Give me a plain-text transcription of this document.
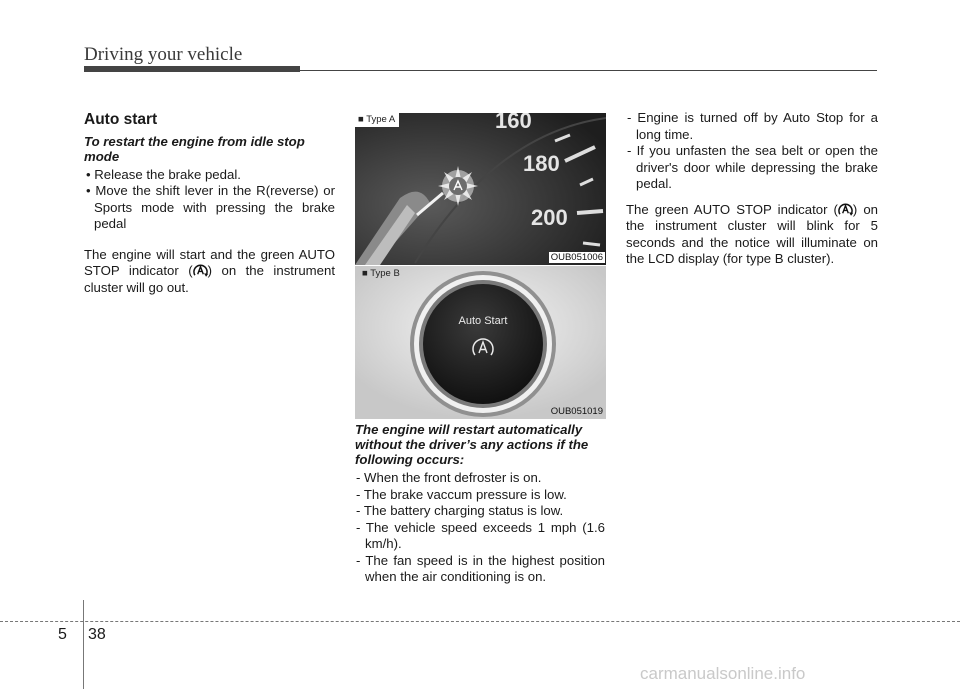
Driving your vehicle
Auto start
To restart the engine from idle stop mode

• Release the brake pedal.

• Move the shift lever in the R(reverse) or Sports mode with pressing the brake pedal

The engine will start and the green AUTO STOP indicator ( ) on the instrument cluster will go out.

160
180
200
■ Type A
OUB051006
Auto Start
■ Type B
OUB051019
The engine will restart automatically without the driver’s any actions if the following occurs:

- When the front defroster is on.

- The brake vaccum pressure is low.

- The battery charging status is low.

- The vehicle speed exceeds 1 mph (1.6 km/h).

- The fan speed is in the highest position when the air conditioning is on.

- Engine is turned off by Auto Stop for a long time.

- If you unfasten the sea belt or open the driver's door while depressing the brake pedal.

The green AUTO STOP indicator ( ) on the instrument cluster will blink for 5 seconds and the notice will illuminate on the LCD display (for type B cluster).

5 38
carmanualsonline.info
